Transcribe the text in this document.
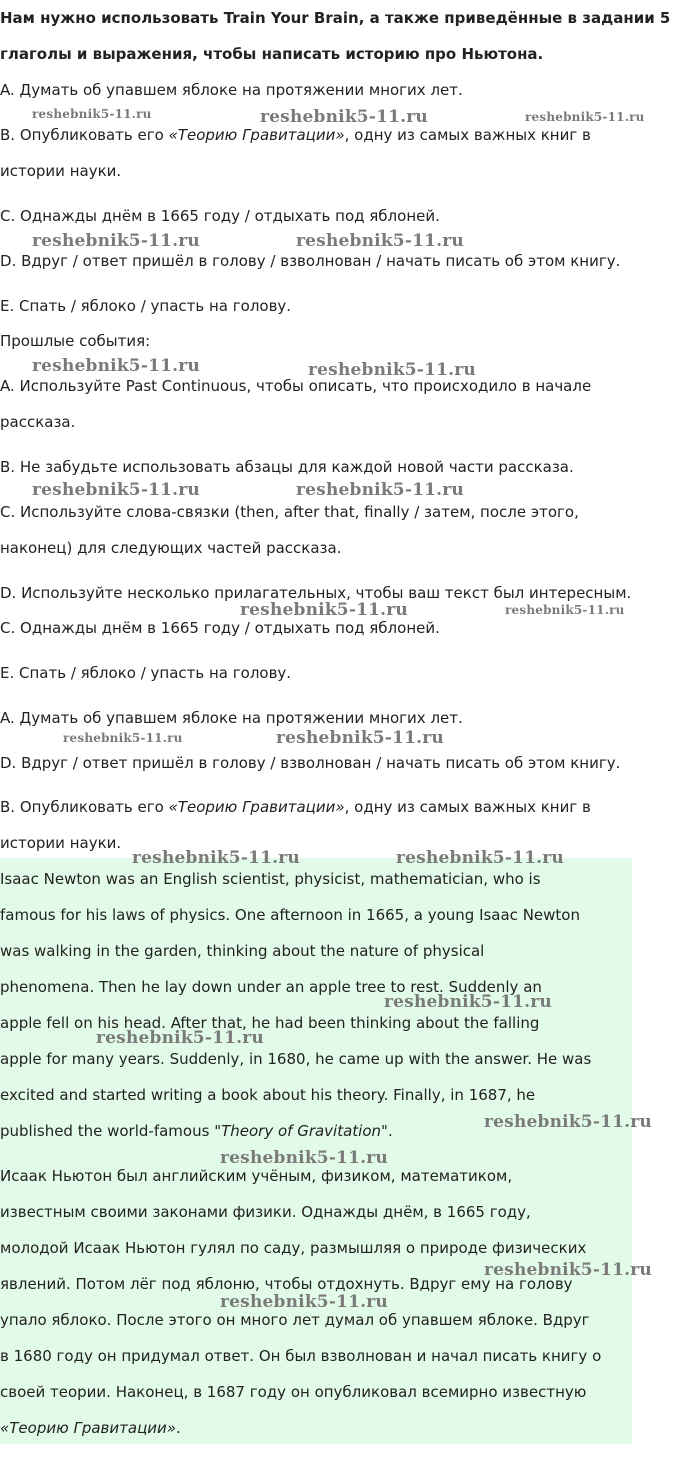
Нам нужно использовать Train Your Brain, а также приведённые в задании 5
глаголы и выражения, чтобы написать историю про Ньютона.
A. Думать об упавшем яблоке на протяжении многих лет.
B. Опубликовать его «Теорию Гравитации», одну из самых важных книг в
истории науки.
C. Однажды днём в 1665 году / отдыхать под яблоней.
D. Вдруг / ответ пришёл в голову / взволнован / начать писать об этом книгу.
E. Спать / яблоко / упасть на голову.
Прошлые события:
A. Используйте Past Continuous, чтобы описать, что происходило в начале
рассказа.
B. Не забудьте использовать абзацы для каждой новой части рассказа.
C. Используйте слова-связки (then, after that, finally / затем, после этого,
наконец) для следующих частей рассказа.
D. Используйте несколько прилагательных, чтобы ваш текст был интересным.
C. Однажды днём в 1665 году / отдыхать под яблоней.
E. Спать / яблоко / упасть на голову.
A. Думать об упавшем яблоке на протяжении многих лет.
D. Вдруг / ответ пришёл в голову / взволнован / начать писать об этом книгу.
B. Опубликовать его «Теорию Гравитации», одну из самых важных книг в
истории науки.
Isaac Newton was an English scientist, physicist, mathematician, who is
famous for his laws of physics. One afternoon in 1665, a young Isaac Newton
was walking in the garden, thinking about the nature of physical
phenomena. Then he lay down under an apple tree to rest. Suddenly an
apple fell on his head. After that, he had been thinking about the falling
apple for many years. Suddenly, in 1680, he came up with the answer. He was
excited and started writing a book about his theory. Finally, in 1687, he
published the world-famous "Theory of Gravitation".
Исаак Ньютон был английским учёным, физиком, математиком,
известным своими законами физики. Однажды днём, в 1665 году,
молодой Исаак Ньютон гулял по саду, размышляя о природе физических
явлений. Потом лёг под яблоню, чтобы отдохнуть. Вдруг ему на голову
упало яблоко. После этого он много лет думал об упавшем яблоке. Вдруг
в 1680 году он придумал ответ. Он был взволнован и начал писать книгу о
своей теории. Наконец, в 1687 году он опубликовал всемирно известную
«Теорию Гравитации».
reshebnik5-11.ru	reshebnik5-11.ru	reshebnik5-11.ru
reshebnik5-11.ru	reshebnik5-11.ru
reshebnik5-11.ru	reshebnik5-11.ru
reshebnik5-11.ru	reshebnik5-11.ru
reshebnik5-11.ru	reshebnik5-11.ru
reshebnik5-11.ru	reshebnik5-11.ru
reshebnik5-11.ru	reshebnik5-11.ru
reshebnik5-11.ru
reshebnik5-11.ru
reshebnik5-11.ru
reshebnik5-11.ru
reshebnik5-11.ru
reshebnik5-11.ru
